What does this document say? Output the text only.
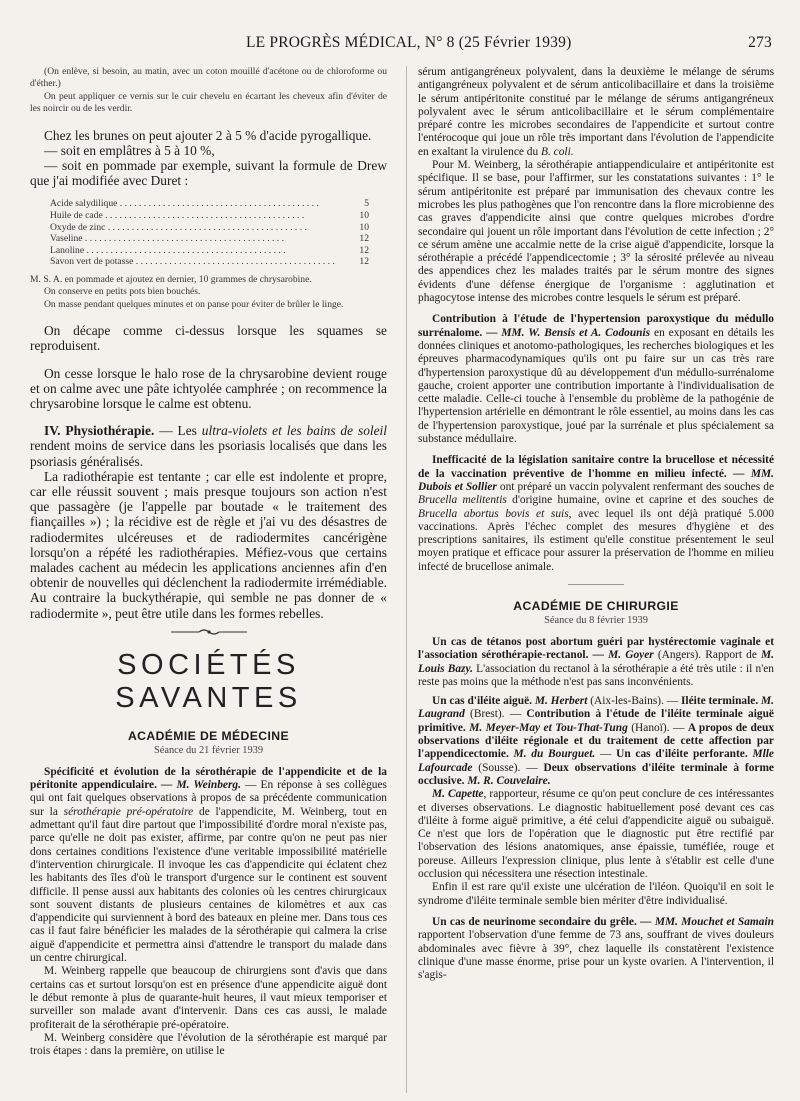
LE PROGRÈS MÉDICAL, N° 8 (25 Février 1939)	273

(On enlève, si besoin, au matin, avec un coton mouillé d'acétone ou de chloroforme ou d'éther.)

On peut appliquer ce vernis sur le cuir chevelu en écartant les cheveux afin d'éviter de les noircir ou de les verdir.

Chez les brunes on peut ajouter 2 à 5 % d'acide pyrogallique.

— soit en emplâtres à 5 à 10 %,

— soit en pommade par exemple, suivant la formule de Drew que j'ai modifiée avec Duret :

Acide salydilique . . .	5
Huile de cade . . .	10
Oxyde de zinc . . .	10
Vaseline . . .	12
Lanoline . . .	12
Savon vert de potasse . . .	12

M. S. A. en pommade et ajoutez en dernier, 10 grammes de chrysarobine.

On conserve en petits pots bien bouchés.

On masse pendant quelques minutes et on panse pour éviter de brûler le linge.

On décape comme ci-dessus lorsque les squames se reproduisent.

On cesse lorsque le halo rose de la chrysarobine devient rouge et on calme avec une pâte ichtyolée camphrée ; on recommence la chrysarobine lorsque le calme est obtenu.

IV. Physiothérapie. — Les ultra-violets et les bains de soleil rendent moins de service dans les psoriasis localisés que dans les psoriasis généralisés.

La radiothérapie est tentante ; car elle est indolente et propre, car elle réussit souvent ; mais presque toujours son action n'est que passagère (je l'appelle par boutade « le traitement des fiançailles ») ; la récidive est de règle et j'ai vu des désastres de radiodermites ulcéreuses et de radiodermites cancérigène lorsqu'on a répété les radiothérapies. Méfiez-vous que certains malades cachent au médecin les applications anciennes afin d'en obtenir de nouvelles qui déclenchent la radiodermite irrémédiable. Au contraire la buckythérapie, qui semble ne pas donner de « radiodermite », peut être utile dans les formes rebelles.

SOCIÉTÉS SAVANTES
ACADÉMIE DE MÉDECINE
Séance du 21 février 1939

Spécificité et évolution de la sérothérapie de l'appendicite et de la péritonite appendiculaire. — M. Weinberg. — En réponse à ses collègues qui ont fait quelques observations à propos de sa précédente communication sur la sérothérapie pré-opératoire de l'appendicite, M. Weinberg, tout en admettant qu'il faut dire partout que l'impossibilité d'ordre moral n'existe pas, parce qu'elle ne doit pas exister, affirme, par contre qu'on ne peut pas nier dons certaines conditions l'existence d'une veritable impossibilité matérielle d'intervention chirurgicale. Il invoque les cas d'appendicite qui éclatent chez les habitants des îles d'où le transport d'urgence sur le continent est souvent difficile. Il pense aussi aux habitants des colonies où les centres chirurgicaux sont souvent distants de plusieurs centaines de kilomètres et aux cas d'appendicite qui surviennent à bord des bateaux en pleine mer. Dans tous ces cas il faut faire bénéficier les malades de la sérothérapie qui calmera la crise aiguë d'appendicite et permettra ainsi d'attendre le transport du malade dans un centre chirurgical.

M. Weinberg rappelle que beaucoup de chirurgiens sont d'avis que dans certains cas et surtout lorsqu'on est en présence d'une appendicite aiguë dont le début remonte à plus de quarante-huit heures, il vaut mieux temporiser et surveiller son malade avant d'intervenir. Dans ces cas aussi, le malade profiterait de la sérothérapie pré-opératoire.

M. Weinberg considère que l'évolution de la sérothérapie est marqué par trois étapes : dans la première, on utilise le

sérum antigangréneux polyvalent, dans la deuxième le mélange de sérums antigangréneux polyvalent et de sérum anticolibacillaire et dans la troisième le sérum antipéritonite constitué par le mélange de sérums antigangréneux polyvalent avec le sérum anticolibacillaire et le sérum complémentaire préparé contre les microbes secondaires de l'appendicite et surtout contre l'entérocoque qui joue un rôle très important dans l'évolution de l'appendicite en exaltant la virulence du B. coli.

Pour M. Weinberg, la sérothérapie antiappendiculaire et antipéritonite est spécifique. Il se base, pour l'affirmer, sur les constatations suivantes : 1° le sérum antipéritonite est préparé par immunisation des chevaux contre les microbes les plus pathogènes que l'on rencontre dans la flore microbienne des cas graves d'appendicite ainsi que contre quelques microbes d'ordre secondaire qui jouent un rôle important dans l'évolution de cette infection ; 2° ce sérum amène une accalmie nette de la crise aiguë d'appendicite, lorsque la sérothérapie a précédé l'appendicectomie ; 3° la sérosité prélevée au niveau des appendices chez les malades traités par le sérum montre des signes évidents d'une défense énergique de l'organisme : agglutination et phagocytose intense des microbes contre lesquels le sérum est préparé.

Contribution à l'étude de l'hypertension paroxystique du médullo surrénalome. — MM. W. Bensis et A. Codounis en exposant en détails les données cliniques et anotomo-pathologiques, les recherches biologiques et les épreuves pharmacodynamiques qu'ils ont pu faire sur un cas très rare d'hypertension paroxystique dû au développement d'un médullo-surrénalome gauche, croient apporter une contribution importante à l'individualisation de cette maladie. Celle-ci touche à l'ensemble du problème de la pathogénie de l'hypertension artérielle en démontrant le rôle essentiel, au moins dans les cas de l'hypertension paroxystique, joué par la surrénale et plus spécialement sa substance médullaire.

Inefficacité de la législation sanitaire contre la brucellose et nécessité de la vaccination préventive de l'homme en milieu infecté. — MM. Dubois et Sollier ont préparé un vaccin polyvalent renfermant des souches de Brucella melitentis d'origine humaine, ovine et caprine et des souches de Brucella abortus bovis et suis, avec lequel ils ont déjà pratiqué 5.000 vaccinations. Après l'échec complet des mesures d'hygiène et des prescriptions sanitaires, ils estiment qu'elle constitue présentement le seul moyen pratique et efficace pour assurer la préservation de l'homme en milieu infecté de brucellose animale.

ACADÉMIE DE CHIRURGIE
Séance du 8 février 1939

Un cas de tétanos post abortum guéri par hystérectomie vaginale et l'association sérothérapie-rectanol. — M. Goyer (Angers). Rapport de M. Louis Bazy. L'association du rectanol à la sérothérapie a été très utile : il n'en reste pas moins que la méthode n'est pas sans inconvénients.

Un cas d'iléite aiguë. M. Herbert (Aix-les-Bains). — Iléite terminale. M. Laugrand (Brest). — Contribution à l'étude de l'iléite terminale aiguë primitive. M. Meyer-May et Tou-That-Tung (Hanoï). — A propos de deux observations d'iléite régionale et du traitement de cette affection par l'appendicectomie. M. du Bourguet. — Un cas d'iléite perforante. Mlle Lafourcade (Sousse). — Deux observations d'iléite terminale à forme occlusive. M. R. Couvelaire.

M. Capette, rapporteur, résume ce qu'on peut conclure de ces intéressantes et diverses observations. Le diagnostic habituellement posé devant ces cas d'iléite à forme aiguë primitive, a été celui d'appendicite aiguë ou subaiguë. Ce n'est que lors de l'opération que le diagnostic put être rectifié par l'observation des lésions anatomiques, anse épaissie, tuméfiée, rouge et poreuse. Ailleurs l'expression clinique, plus lente à s'établir est celle d'une occlusion qui nécessitera une résection intestinale.

Enfin il est rare qu'il existe une ulcération de l'iléon. Quoiqu'il en soit le syndrome d'iléite terminale semble bien mériter d'être individualisé.

Un cas de neurinome secondaire du grêle. — MM. Mouchet et Samain rapportent l'observation d'une femme de 73 ans, souffrant de vives douleurs abdominales avec fièvre à 39°, chez laquelle ils constatèrent l'existence clinique d'une masse énorme, prise pour un kyste ovarien. A l'intervention, il s'agis-
